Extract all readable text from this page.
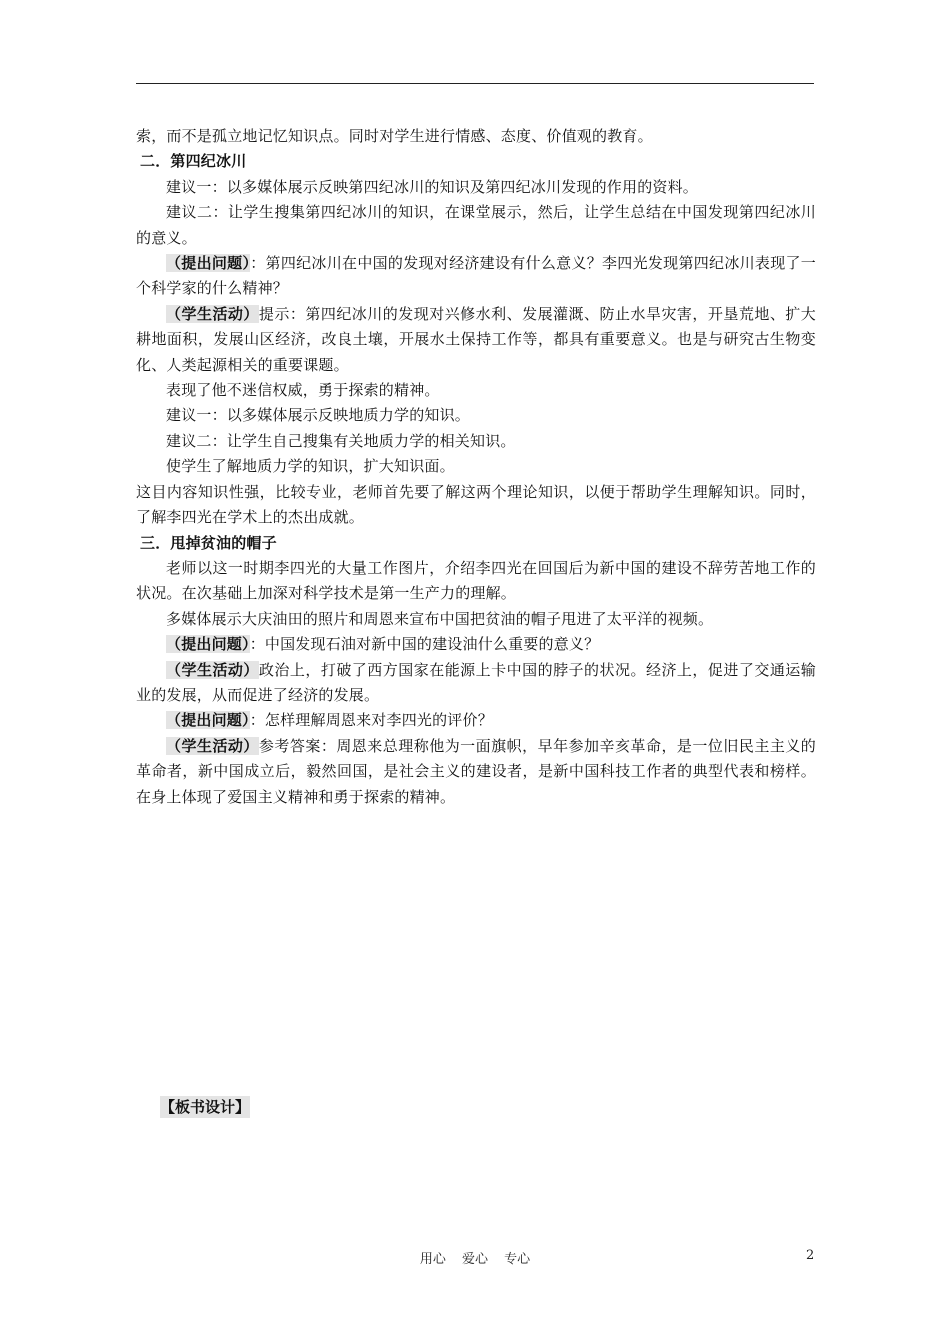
索，而不是孤立地记忆知识点。同时对学生进行情感、态度、价值观的教育。

二．第四纪冰川

建议一：以多媒体展示反映第四纪冰川的知识及第四纪冰川发现的作用的资料。

建议二：让学生搜集第四纪冰川的知识，在课堂展示，然后，让学生总结在中国发现第四纪冰川的意义。

（提出问题）：第四纪冰川在中国的发现对经济建设有什么意义？李四光发现第四纪冰川表现了一个科学家的什么精神？

（学生活动）提示：第四纪冰川的发现对兴修水利、发展灌溉、防止水旱灾害，开垦荒地、扩大耕地面积，发展山区经济，改良土壤，开展水土保持工作等，都具有重要意义。也是与研究古生物变化、人类起源相关的重要课题。

表现了他不迷信权威，勇于探索的精神。

建议一：以多媒体展示反映地质力学的知识。

建议二：让学生自己搜集有关地质力学的相关知识。

使学生了解地质力学的知识，扩大知识面。

这目内容知识性强，比较专业，老师首先要了解这两个理论知识，以便于帮助学生理解知识。同时，了解李四光在学术上的杰出成就。

三．甩掉贫油的帽子

老师以这一时期李四光的大量工作图片，介绍李四光在回国后为新中国的建设不辞劳苦地工作的状况。在次基础上加深对科学技术是第一生产力的理解。

多媒体展示大庆油田的照片和周恩来宣布中国把贫油的帽子甩进了太平洋的视频。

（提出问题）：中国发现石油对新中国的建设油什么重要的意义？

（学生活动）政治上，打破了西方国家在能源上卡中国的脖子的状况。经济上，促进了交通运输业的发展，从而促进了经济的发展。

（提出问题）：怎样理解周恩来对李四光的评价？

（学生活动）参考答案：周恩来总理称他为一面旗帜，早年参加辛亥革命，是一位旧民主主义的革命者，新中国成立后，毅然回国，是社会主义的建设者，是新中国科技工作者的典型代表和榜样。在身上体现了爱国主义精神和勇于探索的精神。

【板书设计】
用心 爱心 专心	2
